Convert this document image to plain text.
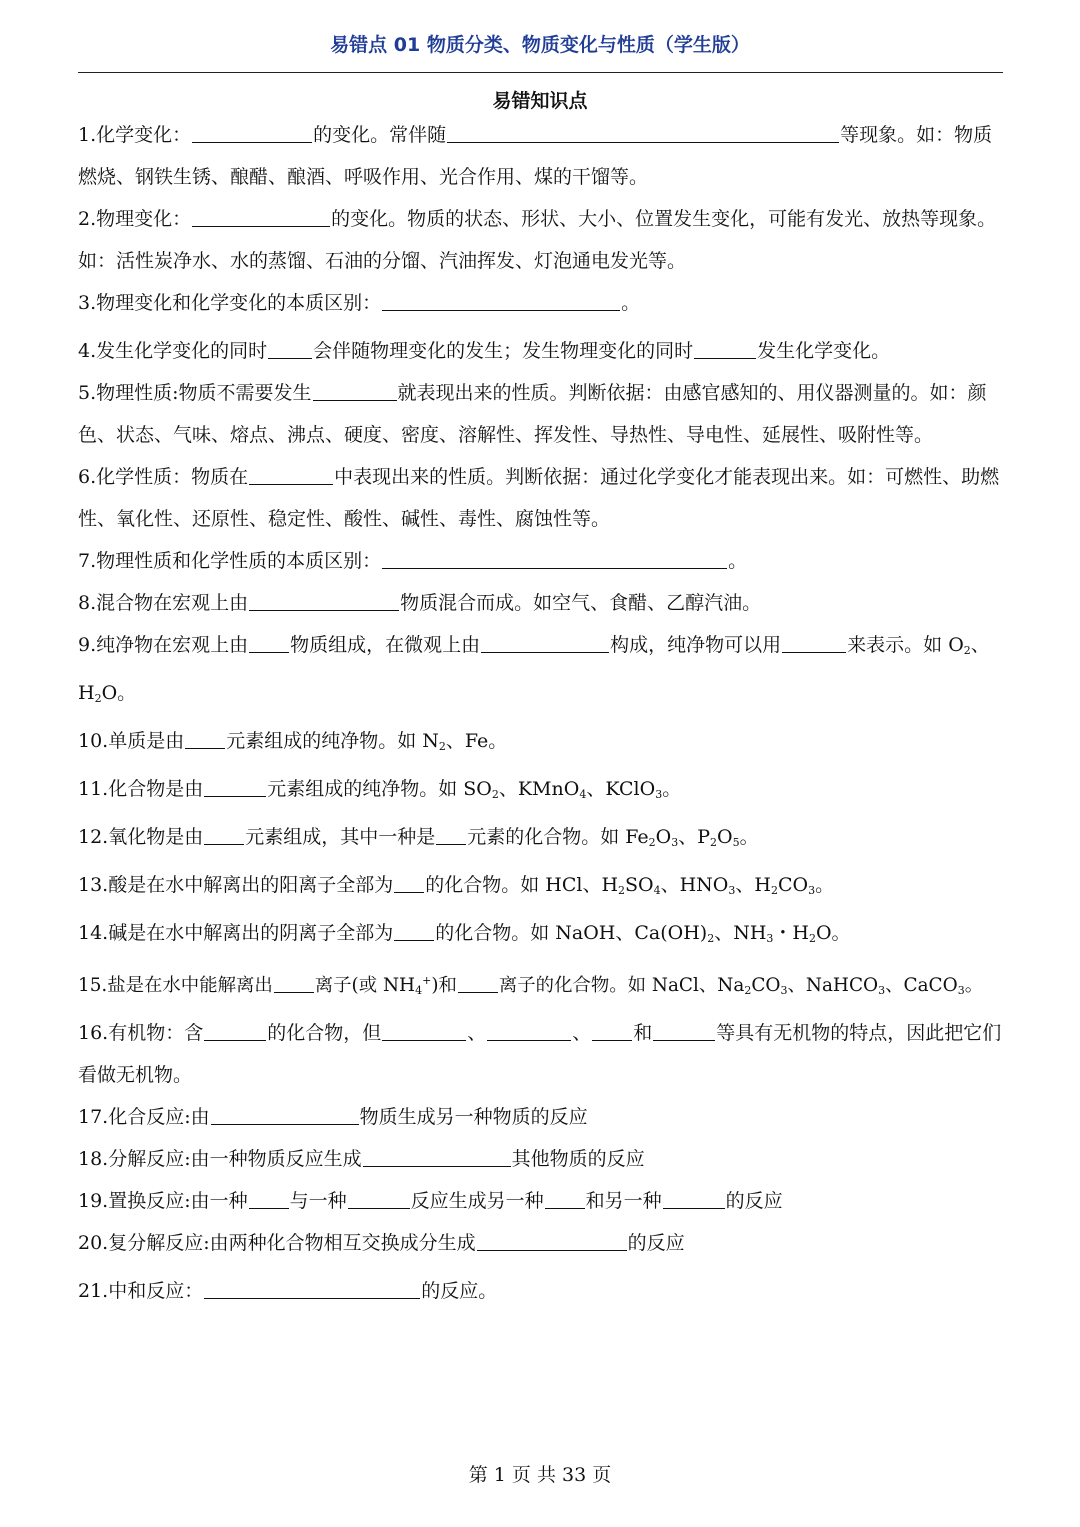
易错点 01 物质分类、物质变化与性质（学生版）
易错知识点

1.化学变化：	的变化。常伴随	等现象。如：物质燃烧、钢铁生锈、酿醋、酿酒、呼吸作用、光合作用、煤的干馏等。

2.物理变化：	的变化。物质的状态、形状、大小、位置发生变化，可能有发光、放热等现象。如：活性炭净水、水的蒸馏、石油的分馏、汽油挥发、灯泡通电发光等。

3.物理变化和化学变化的本质区别：	。

4.发生化学变化的同时 会伴随物理变化的发生；发生物理变化的同时	发生化学变化。

5.物理性质:物质不需要发生	就表现出来的性质。判断依据：由感官感知的、用仪器测量的。如：颜色、状态、气味、熔点、沸点、硬度、密度、溶解性、挥发性、导热性、导电性、延展性、吸附性等。

6.化学性质：物质在	中表现出来的性质。判断依据：通过化学变化才能表现出来。如：可燃性、助燃性、氧化性、还原性、稳定性、酸性、碱性、毒性、腐蚀性等。

7.物理性质和化学性质的本质区别：	。

8.混合物在宏观上由	物质混合而成。如空气、食醋、乙醇汽油。

9.纯净物在宏观上由 物质组成，在微观上由	构成，纯净物可以用	来表示。如 $O_2$、$H_2O$。

10.单质是由 元素组成的纯净物。如 $N_2$、Fe。

11.化合物是由	元素组成的纯净物。如 $SO_2$、KMnO$_4$、KClO$_3$。

12.氧化物是由 元素组成，其中一种是 元素的化合物。如 $Fe_2O_3$、$P_2O_5$。

13.酸是在水中解离出的阳离子全部为 的化合物。如 HCl、$H_2SO_4$、$HNO_3$、$H_2CO_3$。

14.碱是在水中解离出的阴离子全部为 的化合物。如 NaOH、$Ca(OH)_2$、$NH_3$・$H_2O$。

15.盐是在水中能解离出 离子(或 $NH_4^+$)和 离子的化合物。如 NaCl、$Na_2CO_3$、NaHCO$_3$、CaCO$_3$。

16.有机物：含	的化合物，但	、	、 和	等具有无机物的特点，因此把它们看做无机物。

17.化合反应:由	物质生成另一种物质的反应

18.分解反应:由一种物质反应生成	其他物质的反应

19.置换反应:由一种 与一种	反应生成另一种 和另一种	的反应

20.复分解反应:由两种化合物相互交换成分生成	的反应

21.中和反应：	的反应。

第 1 页 共 33 页
